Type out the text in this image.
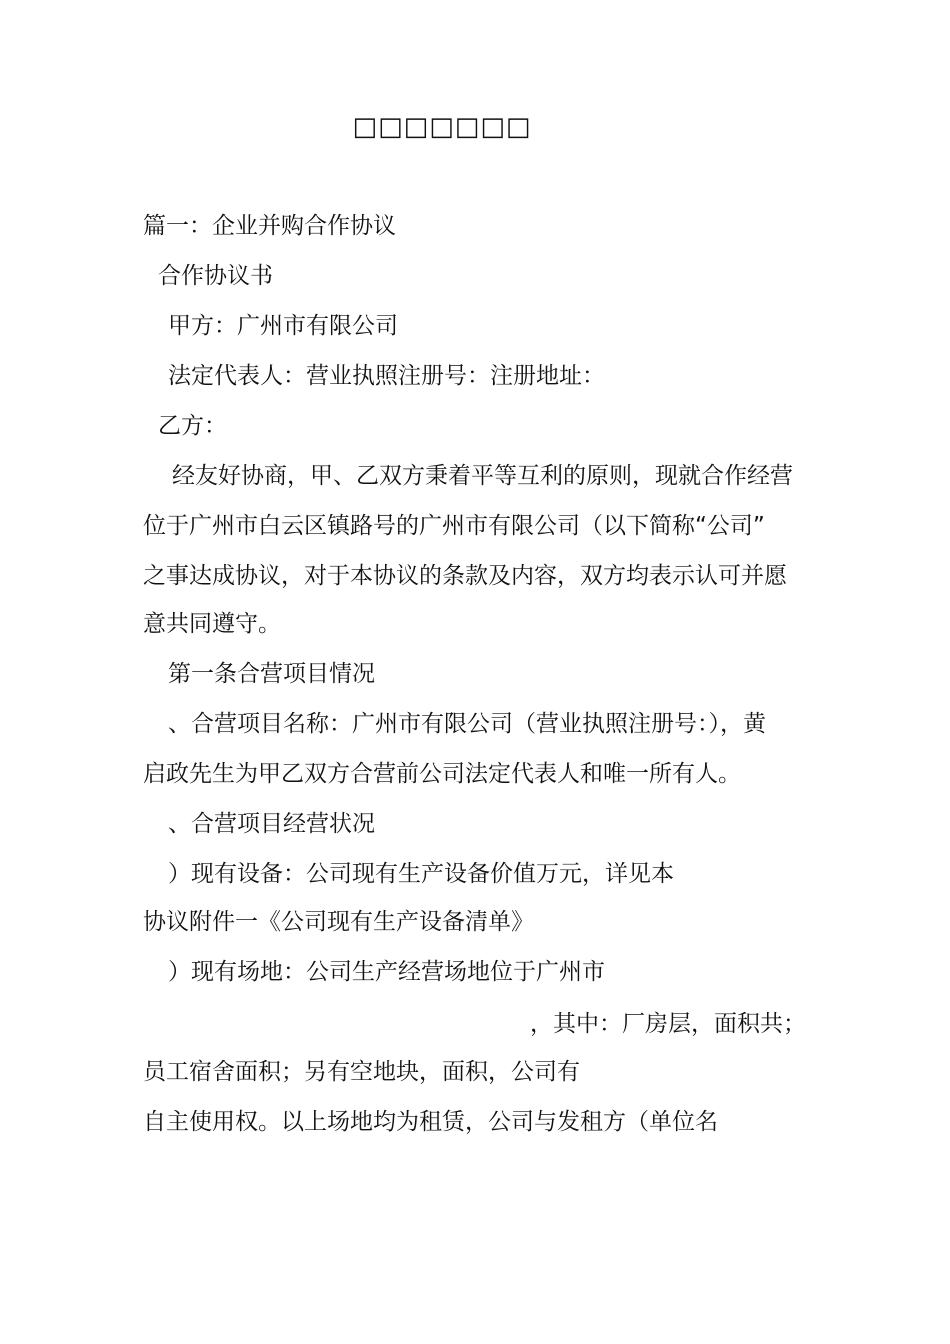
□□□□□□□
篇一：企业并购合作协议
合作协议书
甲方：广州市有限公司
法定代表人：营业执照注册号：注册地址：
乙方：
经友好协商，甲、乙双方秉着平等互利的原则，现就合作经营
位于广州市白云区镇路号的广州市有限公司（以下简称“公司”
之事达成协议，对于本协议的条款及内容，双方均表示认可并愿
意共同遵守。
第一条合营项目情况
、合营项目名称：广州市有限公司（营业执照注册号：），黄
启政先生为甲乙双方合营前公司法定代表人和唯一所有人。
、合营项目经营状况
）现有设备：公司现有生产设备价值万元，详见本
协议附件一《公司现有生产设备清单》
）现有场地：公司生产经营场地位于广州市
，其中：厂房层，面积共；
员工宿舍面积；另有空地块，面积，公司有
自主使用权。以上场地均为租赁，公司与发租方（单位名
